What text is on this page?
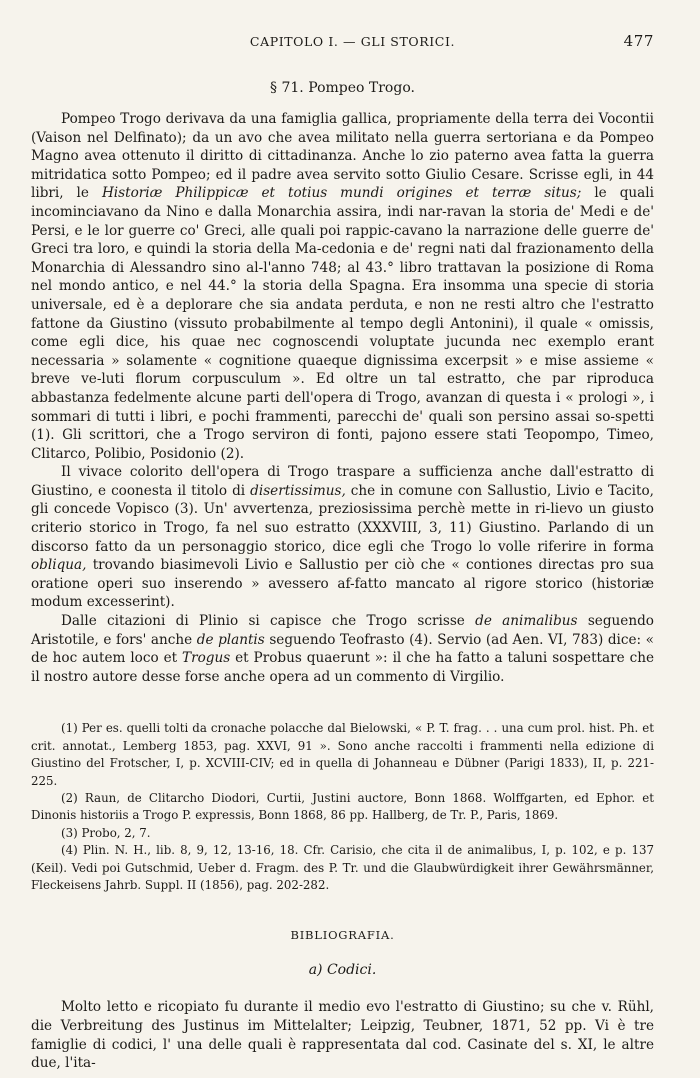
CAPITOLO I. — GLI STORICI.	477
§ 71. Pompeo Trogo.

Pompeo Trogo derivava da una famiglia gallica, propriamente della terra dei Vocontii (Vaison nel Delfinato); da un avo che avea militato nella guerra sertoriana e da Pompeo Magno avea ottenuto il diritto di cittadinanza. Anche lo zio paterno avea fatta la guerra mitridatica sotto Pompeo; ed il padre avea servito sotto Giulio Cesare. Scrisse egli, in 44 libri, le Historiæ Philippicæ et totius mundi origines et terræ situs; le quali incominciavano da Nino e dalla Monarchia assira, indi nar-ravan la storia de' Medi e de' Persi, e le lor guerre co' Greci, alle quali poi rappic-cavano la narrazione delle guerre de' Greci tra loro, e quindi la storia della Ma-cedonia e de' regni nati dal frazionamento della Monarchia di Alessandro sino al-l'anno 748; al 43.° libro trattavan la posizione di Roma nel mondo antico, e nel 44.° la storia della Spagna. Era insomma una specie di storia universale, ed è a deplorare che sia andata perduta, e non ne resti altro che l'estratto fattone da Giustino (vissuto probabilmente al tempo degli Antonini), il quale « omissis, come egli dice, his quae nec cognoscendi voluptate jucunda nec exemplo erant necessaria » solamente « cognitione quaeque dignissima excerpsit » e mise assieme « breve ve-luti florum corpusculum ». Ed oltre un tal estratto, che par riproduca abbastanza fedelmente alcune parti dell'opera di Trogo, avanzan di questa i « prologi », i sommari di tutti i libri, e pochi frammenti, parecchi de' quali son persino assai so-spetti (1). Gli scrittori, che a Trogo serviron di fonti, pajono essere stati Teopompo, Timeo, Clitarco, Polibio, Posidonio (2).

Il vivace colorito dell'opera di Trogo traspare a sufficienza anche dall'estratto di Giustino, e coonesta il titolo di disertissimus, che in comune con Sallustio, Livio e Tacito, gli concede Vopisco (3). Un' avvertenza, preziosissima perchè mette in ri-lievo un giusto criterio storico in Trogo, fa nel suo estratto (XXXVIII, 3, 11) Giustino. Parlando di un discorso fatto da un personaggio storico, dice egli che Trogo lo volle riferire in forma obliqua, trovando biasimevoli Livio e Sallustio per ciò che « contiones directas pro sua oratione operi suo inserendo » avessero af-fatto mancato al rigore storico (historiæ modum excesserint).

Dalle citazioni di Plinio si capisce che Trogo scrisse de animalibus seguendo Aristotile, e fors' anche de plantis seguendo Teofrasto (4). Servio (ad Aen. VI, 783) dice: « de hoc autem loco et Trogus et Probus quaerunt »: il che ha fatto a taluni sospettare che il nostro autore desse forse anche opera ad un commento di Virgilio.

(1) Per es. quelli tolti da cronache polacche dal Bielowski, « P. T. frag. . . una cum prol. hist. Ph. et crit. annotat., Lemberg 1853, pag. XXVI, 91 ». Sono anche raccolti i frammenti nella edizione di Giustino del Frotscher, I, p. XCVIII-CIV; ed in quella di Johanneau e Dübner (Parigi 1833), II, p. 221-225.

(2) Raun, de Clitarcho Diodori, Curtii, Justini auctore, Bonn 1868. Wolffgarten, ed Ephor. et Dinonis historiis a Trogo P. expressis, Bonn 1868, 86 pp. Hallberg, de Tr. P., Paris, 1869.

(3) Probo, 2, 7.

(4) Plin. N. H., lib. 8, 9, 12, 13-16, 18. Cfr. Carisio, che cita il de animalibus, I, p. 102, e p. 137 (Keil). Vedi poi Gutschmid, Ueber d. Fragm. des P. Tr. und die Glaubwürdigkeit ihrer Gewährsmänner, Fleckeisens Jahrb. Suppl. II (1856), pag. 202-282.

BIBLIOGRAFIA.
a) Codici.

Molto letto e ricopiato fu durante il medio evo l'estratto di Giustino; su che v. Rühl, die Verbreitung des Justinus im Mittelalter; Leipzig, Teubner, 1871, 52 pp. Vi è tre famiglie di codici, l' una delle quali è rappresentata dal cod. Casinate del s. XI, le altre due, l'ita-
